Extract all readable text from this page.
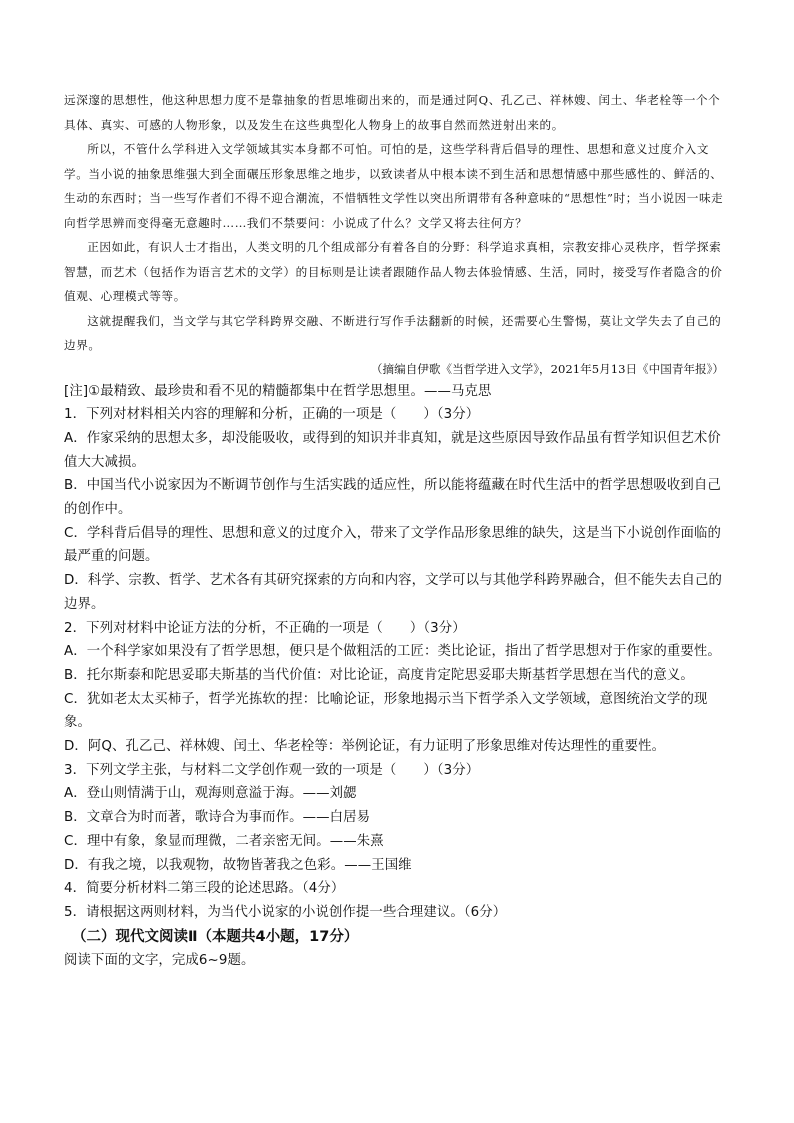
远深邃的思想性，他这种思想力度不是靠抽象的哲思堆砌出来的，而是通过阿Q、孔乙己、祥林嫂、闰土、华老栓等一个个具体、真实、可感的人物形象，以及发生在这些典型化人物身上的故事自然而然迸射出来的。

所以，不管什么学科进入文学领域其实本身都不可怕。可怕的是，这些学科背后倡导的理性、思想和意义过度介入文学。当小说的抽象思维强大到全面碾压形象思维之地步，以致读者从中根本读不到生活和思想情感中那些感性的、鲜活的、生动的东西时；当一些写作者们不得不迎合潮流，不惜牺牲文学性以突出所谓带有各种意味的“思想性”时；当小说因一味走向哲学思辨而变得毫无意趣时……我们不禁要问：小说成了什么？文学又将去往何方？

正因如此，有识人士才指出，人类文明的几个组成部分有着各自的分野：科学追求真相，宗教安排心灵秩序，哲学探索智慧，而艺术（包括作为语言艺术的文学）的目标则是让读者跟随作品人物去体验情感、生活，同时，接受写作者隐含的价值观、心理模式等等。

这就提醒我们，当文学与其它学科跨界交融、不断进行写作手法翻新的时候，还需要心生警惕，莫让文学失去了自己的边界。

（摘编自伊歌《当哲学进入文学》，2021年5月13日《中国青年报》）

[注]①最精致、最珍贵和看不见的精髓都集中在哲学思想里。——马克思

1．下列对材料相关内容的理解和分析，正确的一项是（　　）（3分）

A．作家采纳的思想太多，却没能吸收，或得到的知识并非真知，就是这些原因导致作品虽有哲学知识但艺术价值大大减损。

B．中国当代小说家因为不断调节创作与生活实践的适应性，所以能将蕴藏在时代生活中的哲学思想吸收到自己的创作中。

C．学科背后倡导的理性、思想和意义的过度介入，带来了文学作品形象思维的缺失，这是当下小说创作面临的最严重的问题。

D．科学、宗教、哲学、艺术各有其研究探索的方向和内容，文学可以与其他学科跨界融合，但不能失去自己的边界。

2．下列对材料中论证方法的分析，不正确的一项是（　　）（3分）

A．一个科学家如果没有了哲学思想，便只是个做粗活的工匠：类比论证，指出了哲学思想对于作家的重要性。

B．托尔斯泰和陀思妥耶夫斯基的当代价值：对比论证，高度肯定陀思妥耶夫斯基哲学思想在当代的意义。

C．犹如老太太买柿子，哲学光拣软的捏：比喻论证，形象地揭示当下哲学杀入文学领域，意图统治文学的现象。

D．阿Q、孔乙己、祥林嫂、闰土、华老栓等：举例论证，有力证明了形象思维对传达理性的重要性。

3．下列文学主张，与材料二文学创作观一致的一项是（　　）（3分）

A．登山则情满于山，观海则意溢于海。——刘勰

B．文章合为时而著，歌诗合为事而作。——白居易

C．理中有象，象显而理微，二者亲密无间。——朱熹

D．有我之境，以我观物，故物皆著我之色彩。——王国维

4．简要分析材料二第三段的论述思路。（4分）

5．请根据这两则材料，为当代小说家的小说创作提一些合理建议。（6分）

（二）现代文阅读Ⅱ（本题共4小题，17分）

阅读下面的文字，完成6~9题。
